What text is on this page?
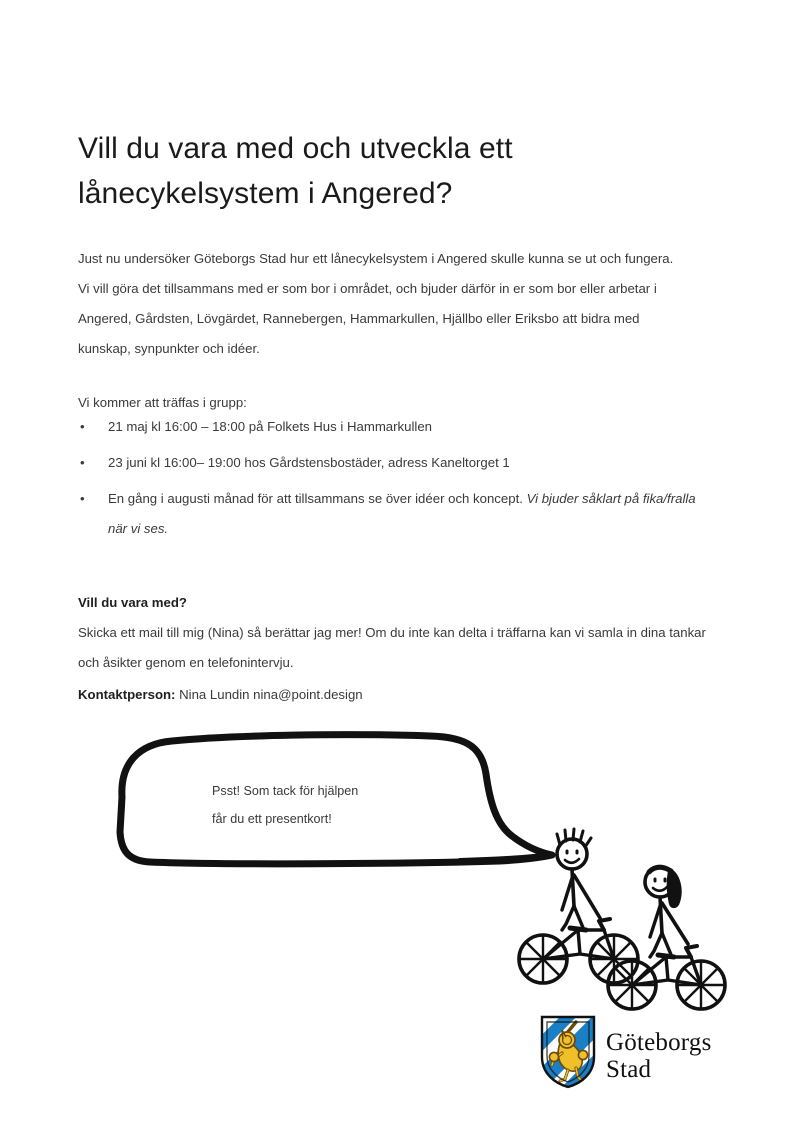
Vill du vara med och utveckla ett
lånecykelsystem i Angered?

Just nu undersöker Göteborgs Stad hur ett lånecykelsystem i Angered skulle kunna se ut och fungera. Vi vill göra det tillsammans med er som bor i området, och bjuder därför in er som bor eller arbetar i Angered, Gårdsten, Lövgärdet, Rannebergen, Hammarkullen, Hjällbo eller Eriksbo att bidra med kunskap, synpunkter och idéer.

Vi kommer att träffas i grupp:

• 21 maj kl 16:00 – 18:00 på Folkets Hus i Hammarkullen
• 23 juni kl 16:00– 19:00 hos Gårdstensbostäder, adress Kaneltorget 1
• En gång i augusti månad för att tillsammans se över idéer och koncept. Vi bjuder såklart på fika/fralla när vi ses.
Vill du vara med?
Skicka ett mail till mig (Nina) så berättar jag mer! Om du inte kan delta i träffarna kan vi samla in dina tankar och åsikter genom en telefonintervju.
Kontaktperson: Nina Lundin nina@point.design
Psst! Som tack för hjälpen
får du ett presentkort!
Göteborgs
Stad
